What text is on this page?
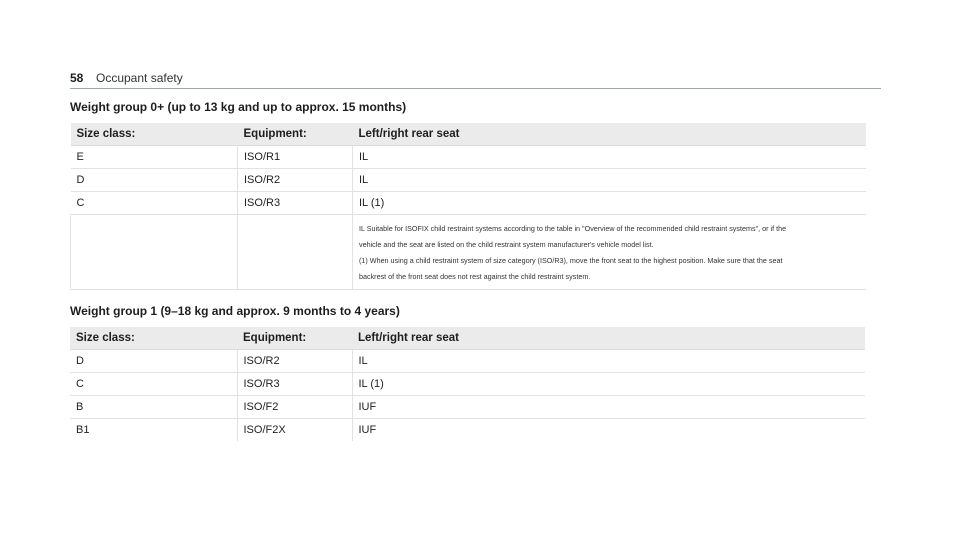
58	Occupant safety
Weight group 0+ (up to 13 kg and up to approx. 15 months)
Size class:	Equipment:	Left/right rear seat
E	ISO/R1	IL
D	ISO/R2	IL
C	ISO/R3	IL (1)

		IL Suitable for ISOFIX child restraint systems according to the table in "Overview of the recommended child restraint systems", or if the

vehicle and the seat are listed on the child restraint system manufacturer's vehicle model list.

(1) When using a child restraint system of size category (ISO/R3), move the front seat to the highest position. Make sure that the seat

backrest of the front seat does not rest against the child restraint system.

Weight group 1 (9–18 kg and approx. 9 months to 4 years)
Size class:	Equipment:	Left/right rear seat
D	ISO/R2	IL
C	ISO/R3	IL (1)
B	ISO/F2	IUF
B1	ISO/F2X	IUF
